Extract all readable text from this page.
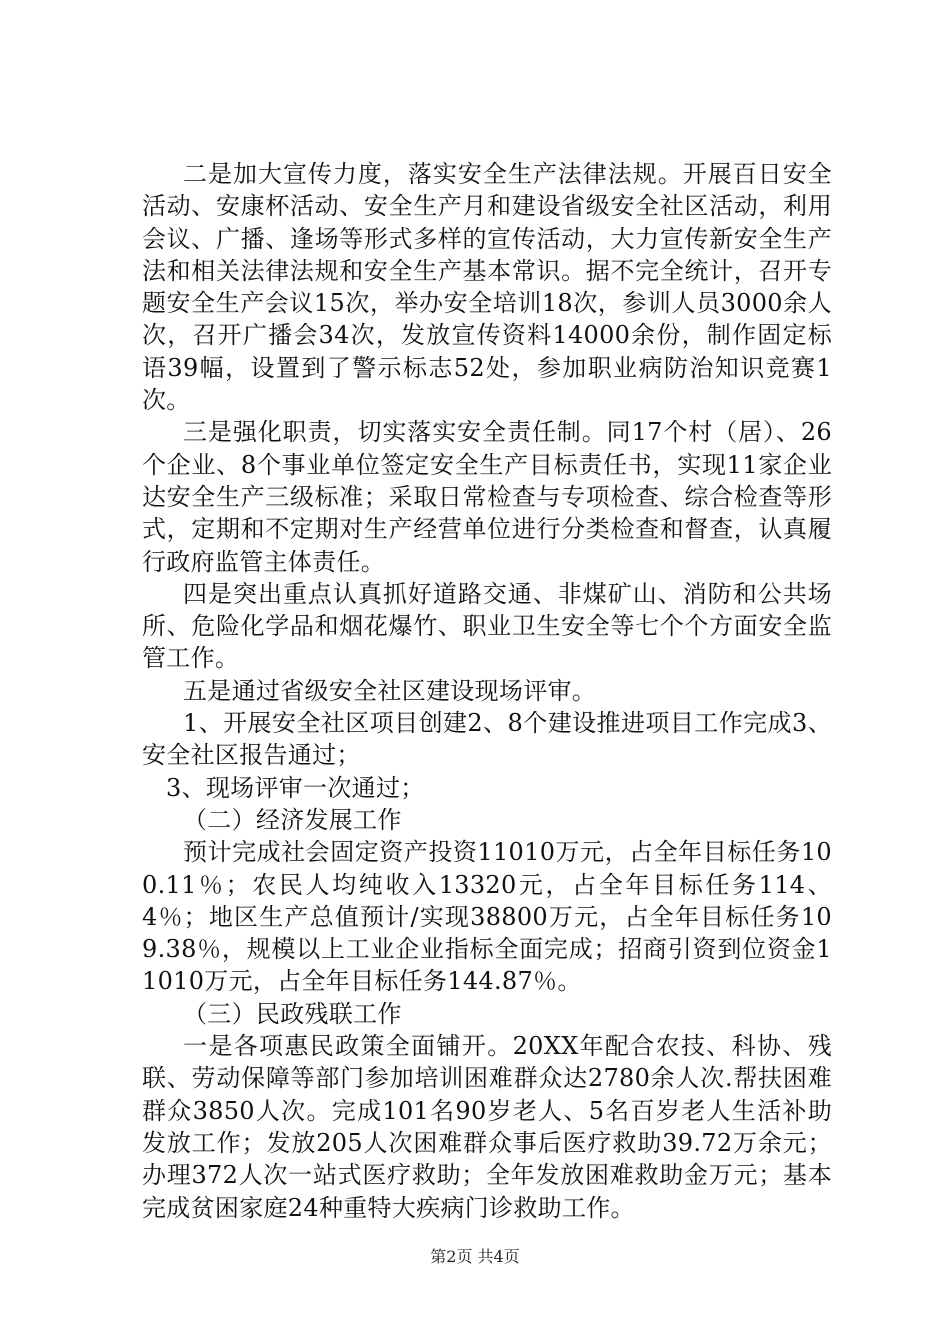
二是加大宣传力度，落实安全生产法律法规。开展百日安全活动、安康杯活动、安全生产月和建设省级安全社区活动，利用会议、广播、逢场等形式多样的宣传活动，大力宣传新安全生产法和相关法律法规和安全生产基本常识。据不完全统计，召开专题安全生产会议15次，举办安全培训18次，参训人员3000余人次，召开广播会34次，发放宣传资料14000余份，制作固定标语39幅，设置到了警示标志52处，参加职业病防治知识竞赛1次。

三是强化职责，切实落实安全责任制。同17个村（居）、26个企业、8个事业单位签定安全生产目标责任书，实现11家企业达安全生产三级标准；采取日常检查与专项检查、综合检查等形式，定期和不定期对生产经营单位进行分类检查和督查，认真履行政府监管主体责任。

四是突出重点认真抓好道路交通、非煤矿山、消防和公共场所、危险化学品和烟花爆竹、职业卫生安全等七个个方面安全监管工作。

五是通过省级安全社区建设现场评审。

1、开展安全社区项目创建2、8个建设推进项目工作完成3、安全社区报告通过；

3、现场评审一次通过；

（二）经济发展工作

预计完成社会固定资产投资11010万元，占全年目标任务100.11％；农民人均纯收入13320元，占全年目标任务114、4％；地区生产总值预计/实现38800万元，占全年目标任务109.38％，规模以上工业企业指标全面完成；招商引资到位资金11010万元，占全年目标任务144.87％。

（三）民政残联工作

一是各项惠民政策全面铺开。20XX年配合农技、科协、残联、劳动保障等部门参加培训困难群众达2780余人次.帮扶困难群众3850人次。完成101名90岁老人、5名百岁老人生活补助发放工作；发放205人次困难群众事后医疗救助39.72万余元；办理372人次一站式医疗救助；全年发放困难救助金万元；基本完成贫困家庭24种重特大疾病门诊救助工作。

第2页 共4页
